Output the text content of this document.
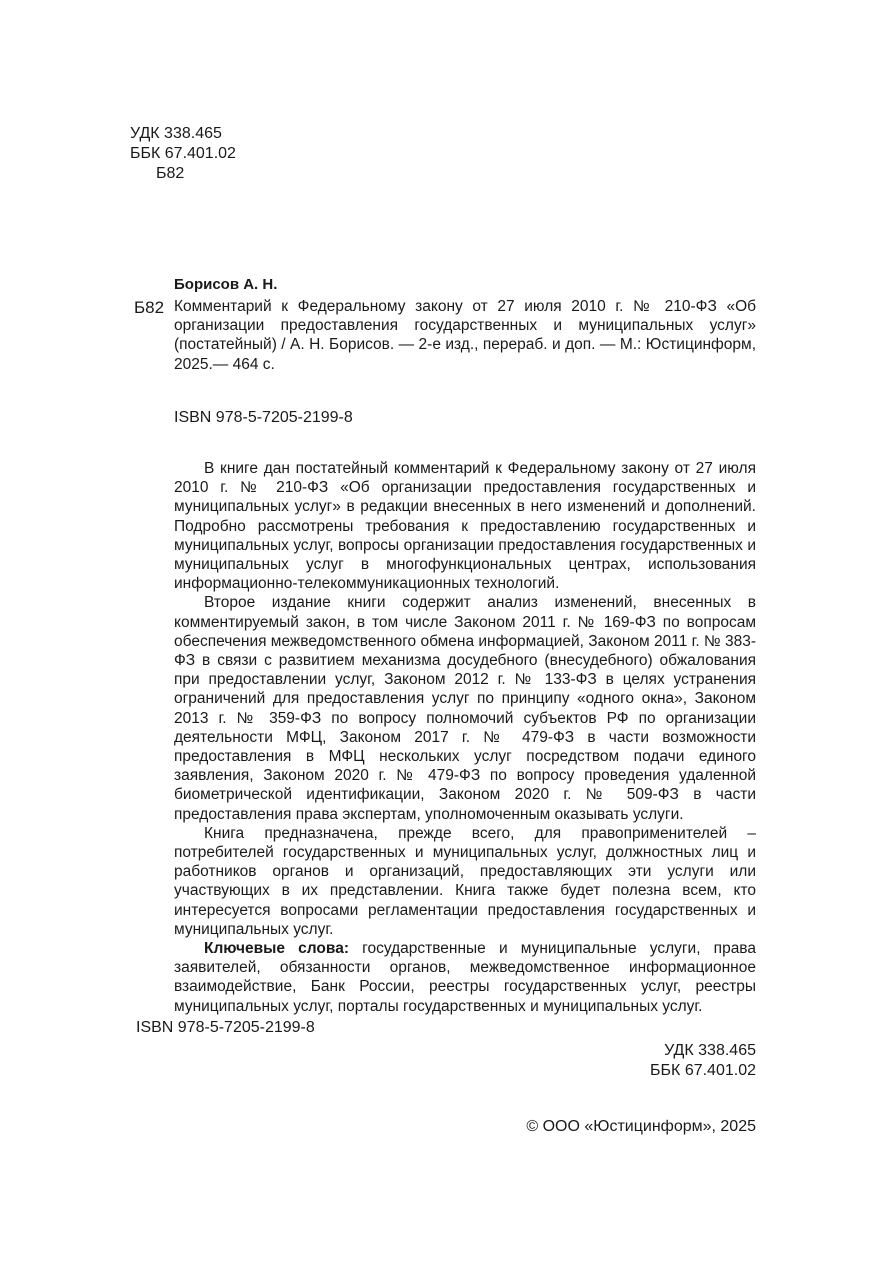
УДК 338.465
ББК 67.401.02
Б82
Борисов А. Н.
Б82 Комментарий к Федеральному закону от 27 июля 2010 г. № 210-ФЗ «Об организации предоставления государственных и муниципальных услуг» (постатейный) / А. Н. Борисов. — 2-е изд., перераб. и доп. — М.: Юстицинформ, 2025.— 464 с.
ISBN 978-5-7205-2199-8

В книге дан постатейный комментарий к Федеральному закону от 27 июля 2010 г. № 210-ФЗ «Об организации предоставления государственных и муниципальных услуг» в редакции внесенных в него изменений и дополнений. Подробно рассмотрены требования к предоставлению государственных и муниципальных услуг, вопросы организации предоставления государственных и муниципальных услуг в многофункциональных центрах, использования информационно-телекоммуникационных технологий.

Второе издание книги содержит анализ изменений, внесенных в комментируемый закон, в том числе Законом 2011 г. № 169-ФЗ по вопросам обеспечения межведомственного обмена информацией, Законом 2011 г. № 383-ФЗ в связи с развитием механизма досудебного (внесудебного) обжалования при предоставлении услуг, Законом 2012 г. № 133-ФЗ в целях устранения ограничений для предоставления услуг по принципу «одного окна», Законом 2013 г. № 359-ФЗ по вопросу полномочий субъектов РФ по организации деятельности МФЦ, Законом 2017 г. № 479-ФЗ в части возможности предоставления в МФЦ нескольких услуг посредством подачи единого заявления, Законом 2020 г. № 479-ФЗ по вопросу проведения удаленной биометрической идентификации, Законом 2020 г. № 509-ФЗ в части предоставления права экспертам, уполномоченным оказывать услуги.

Книга предназначена, прежде всего, для правоприменителей – потребителей государственных и муниципальных услуг, должностных лиц и работников органов и организаций, предоставляющих эти услуги или участвующих в их представлении. Книга также будет полезна всем, кто интересуется вопросами регламентации предоставления государственных и муниципальных услуг.

Ключевые слова: государственные и муниципальные услуги, права заявителей, обязанности органов, межведомственное информационное взаимодействие, Банк России, реестры государственных услуг, реестры муниципальных услуг, порталы государственных и муниципальных услуг.

УДК 338.465
ББК 67.401.02
ISBN 978-5-7205-2199-8
© ООО «Юстицинформ», 2025
